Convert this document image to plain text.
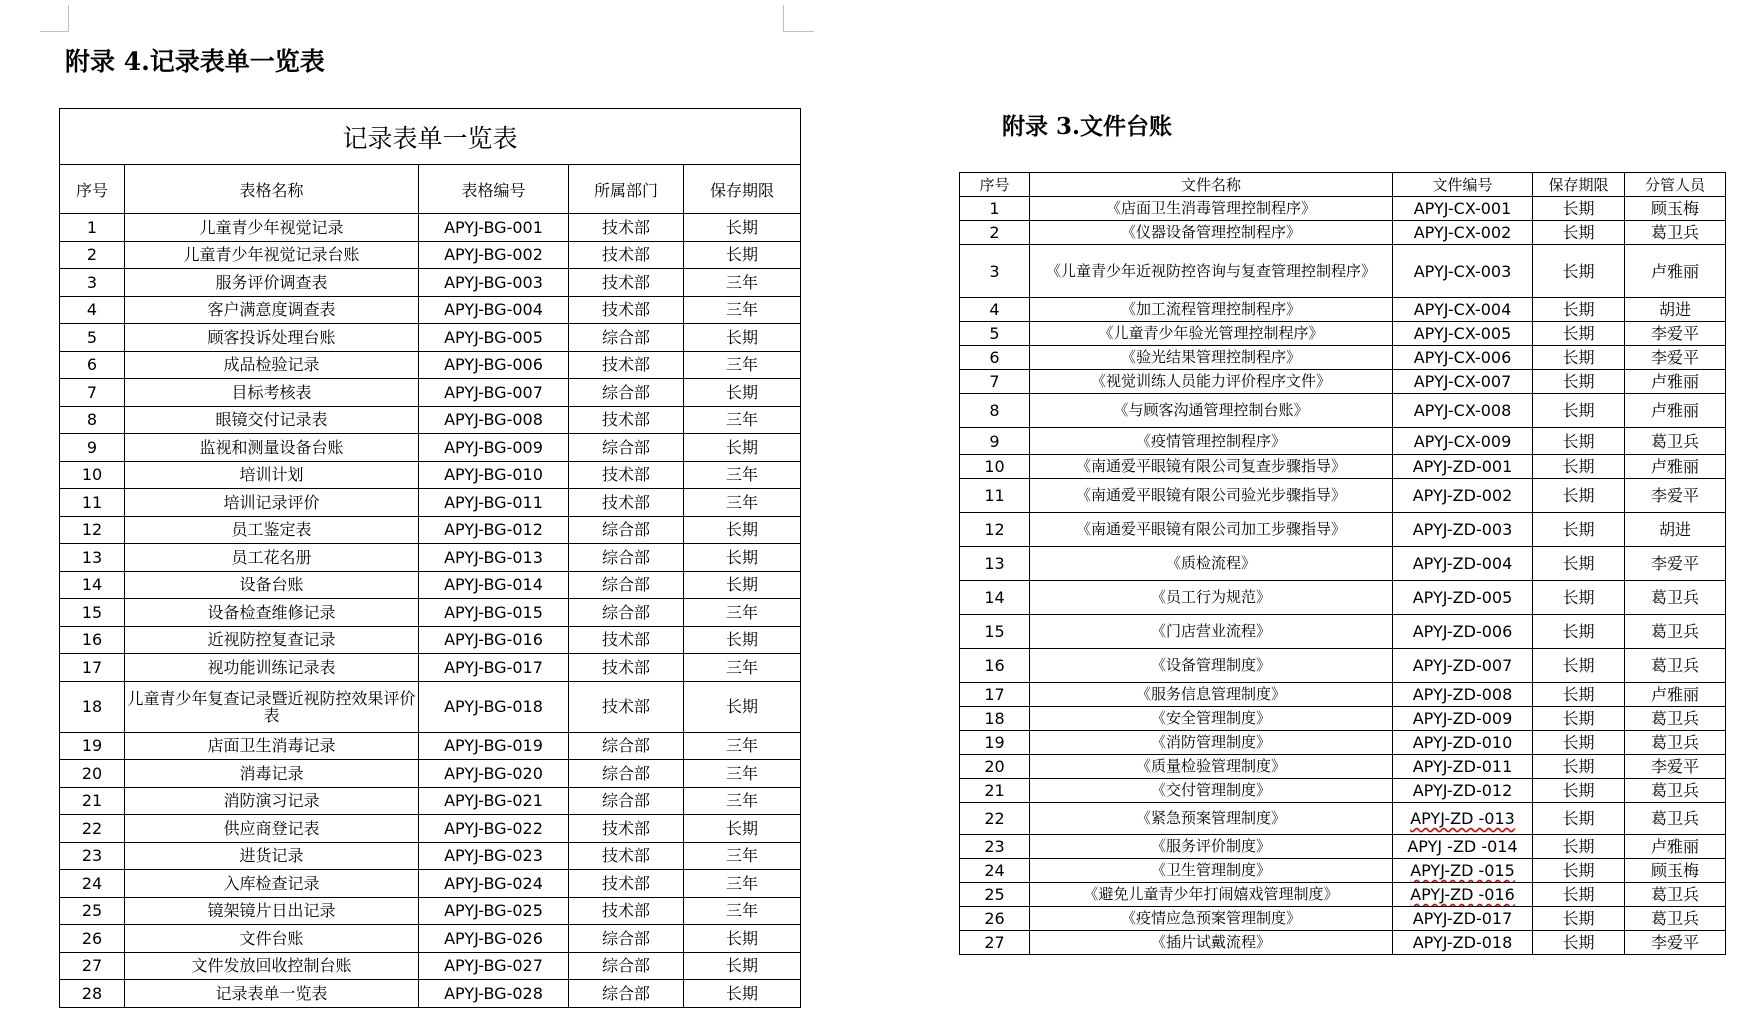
附录 4.记录表单一览表
记录表单一览表				
序号	表格名称	表格编号	所属部门	保存期限
1	儿童青少年视觉记录	APYJ-BG-001	技术部	长期
2	儿童青少年视觉记录台账	APYJ-BG-002	技术部	长期
3	服务评价调查表	APYJ-BG-003	技术部	三年
4	客户满意度调查表	APYJ-BG-004	技术部	三年
5	顾客投诉处理台账	APYJ-BG-005	综合部	长期
6	成品检验记录	APYJ-BG-006	技术部	三年
7	目标考核表	APYJ-BG-007	综合部	长期
8	眼镜交付记录表	APYJ-BG-008	技术部	三年
9	监视和测量设备台账	APYJ-BG-009	综合部	长期
10	培训计划	APYJ-BG-010	技术部	三年
11	培训记录评价	APYJ-BG-011	技术部	三年
12	员工鉴定表	APYJ-BG-012	综合部	长期
13	员工花名册	APYJ-BG-013	综合部	长期
14	设备台账	APYJ-BG-014	综合部	长期
15	设备检查维修记录	APYJ-BG-015	综合部	三年
16	近视防控复查记录	APYJ-BG-016	技术部	长期
17	视功能训练记录表	APYJ-BG-017	技术部	三年
18	儿童青少年复查记录暨近视防控效果评价表	APYJ-BG-018	技术部	长期
19	店面卫生消毒记录	APYJ-BG-019	综合部	三年
20	消毒记录	APYJ-BG-020	综合部	三年
21	消防演习记录	APYJ-BG-021	综合部	三年
22	供应商登记表	APYJ-BG-022	技术部	长期
23	进货记录	APYJ-BG-023	技术部	三年
24	入库检查记录	APYJ-BG-024	技术部	三年
25	镜架镜片日出记录	APYJ-BG-025	技术部	三年
26	文件台账	APYJ-BG-026	综合部	长期
27	文件发放回收控制台账	APYJ-BG-027	综合部	长期
28	记录表单一览表	APYJ-BG-028	综合部	长期
附录 3.文件台账
序号	文件名称	文件编号	保存期限	分管人员
1	《店面卫生消毒管理控制程序》	APYJ-CX-001	长期	顾玉梅
2	《仪器设备管理控制程序》	APYJ-CX-002	长期	葛卫兵
3	《儿童青少年近视防控咨询与复查管理控制程序》	APYJ-CX-003	长期	卢雅丽
4	《加工流程管理控制程序》	APYJ-CX-004	长期	胡进
5	《儿童青少年验光管理控制程序》	APYJ-CX-005	长期	李爱平
6	《验光结果管理控制程序》	APYJ-CX-006	长期	李爱平
7	《视觉训练人员能力评价程序文件》	APYJ-CX-007	长期	卢雅丽
8	《与顾客沟通管理控制台账》	APYJ-CX-008	长期	卢雅丽
9	《疫情管理控制程序》	APYJ-CX-009	长期	葛卫兵
10	《南通爱平眼镜有限公司复查步骤指导》	APYJ-ZD-001	长期	卢雅丽
11	《南通爱平眼镜有限公司验光步骤指导》	APYJ-ZD-002	长期	李爱平
12	《南通爱平眼镜有限公司加工步骤指导》	APYJ-ZD-003	长期	胡进
13	《质检流程》	APYJ-ZD-004	长期	李爱平
14	《员工行为规范》	APYJ-ZD-005	长期	葛卫兵
15	《门店营业流程》	APYJ-ZD-006	长期	葛卫兵
16	《设备管理制度》	APYJ-ZD-007	长期	葛卫兵
17	《服务信息管理制度》	APYJ-ZD-008	长期	卢雅丽
18	《安全管理制度》	APYJ-ZD-009	长期	葛卫兵
19	《消防管理制度》	APYJ-ZD-010	长期	葛卫兵
20	《质量检验管理制度》	APYJ-ZD-011	长期	李爱平
21	《交付管理制度》	APYJ-ZD-012	长期	葛卫兵
22	《紧急预案管理制度》	APYJ-ZD -013	长期	葛卫兵
23	《服务评价制度》	APYJ -ZD -014	长期	卢雅丽
24	《卫生管理制度》	APYJ-ZD -015	长期	顾玉梅
25	《避免儿童青少年打闹嬉戏管理制度》	APYJ-ZD -016	长期	葛卫兵
26	《疫情应急预案管理制度》	APYJ-ZD-017	长期	葛卫兵
27	《插片试戴流程》	APYJ-ZD-018	长期	李爱平
